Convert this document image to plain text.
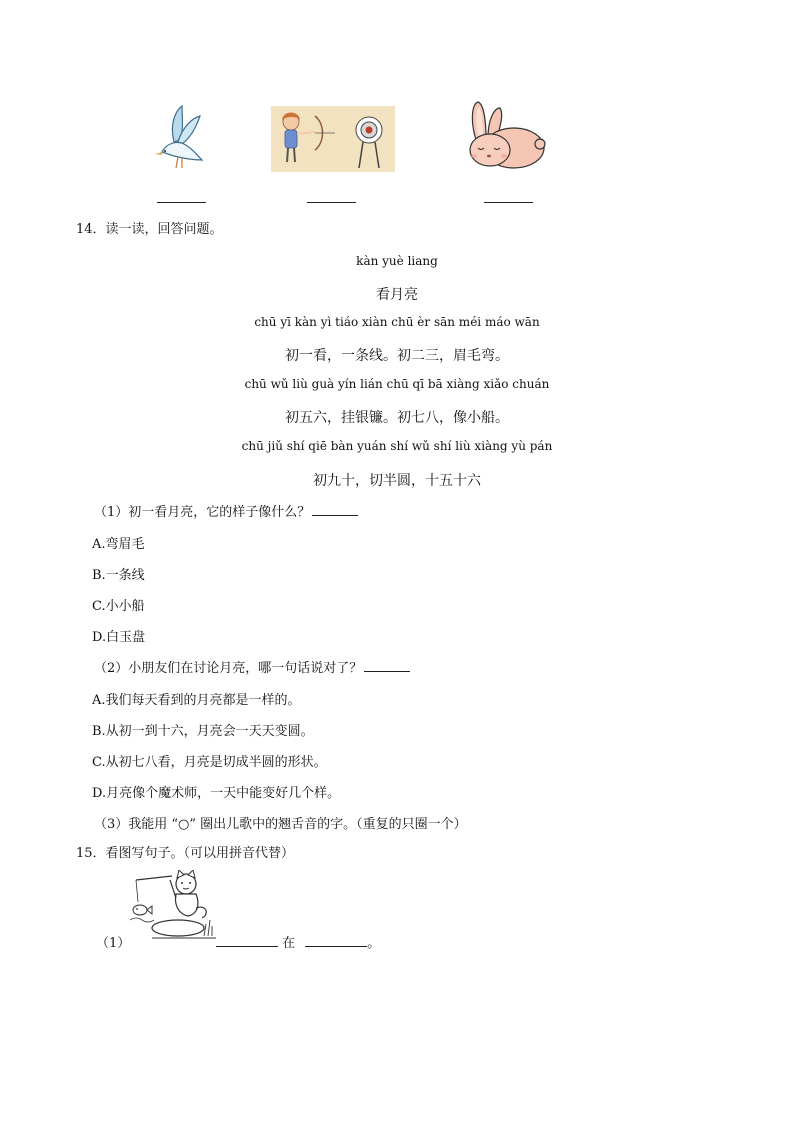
14．读一读，回答问题。
kàn yuè liang
看月亮
chū yī kàn yì tiáo xiàn chū èr sān méi máo wān
初一看，一条线。初二三，眉毛弯。
chū wǔ liù guà yín lián chū qī bā xiàng xiǎo chuán
初五六，挂银镰。初七八，像小船。
chū jiǔ shí qiē bàn yuán shí wǔ shí liù xiàng yù pán
初九十，切半圆，十五十六
（1）初一看月亮，它的样子像什么？
A.弯眉毛
B.一条线
C.小小船
D.白玉盘
（2）小朋友们在讨论月亮，哪一句话说对了？
A.我们每天看到的月亮都是一样的。
B.从初一到十六，月亮会一天天变圆。
C.从初七八看，月亮是切成半圆的形状。
D.月亮像个魔术师，一天中能变好几个样。
（3）我能用 “○” 圈出儿歌中的翘舌音的字。（重复的只圈一个）
15．看图写句子。（可以用拼音代替）
（1）	在	。
